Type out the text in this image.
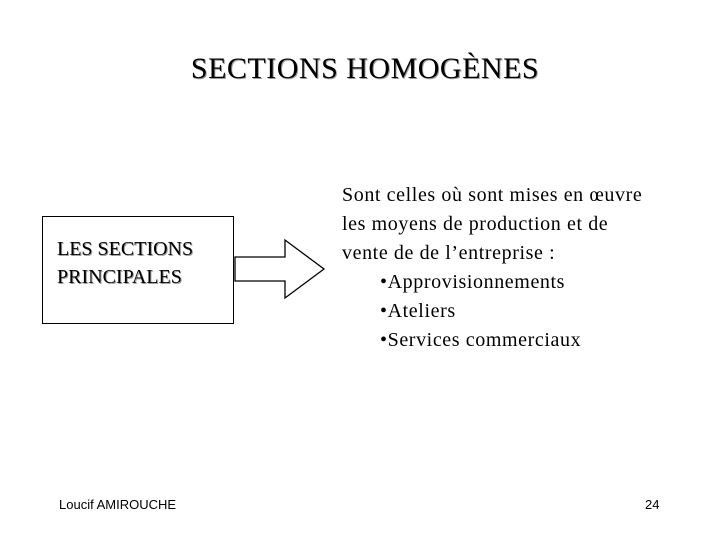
SECTIONS HOMOGÈNES
LES SECTIONS
PRINCIPALES
Sont celles où sont mises en œuvre
les moyens de production et de
vente de de l’entreprise :
• Approvisionnements
• Ateliers
• Services commerciaux
Loucif AMIROUCHE	24
